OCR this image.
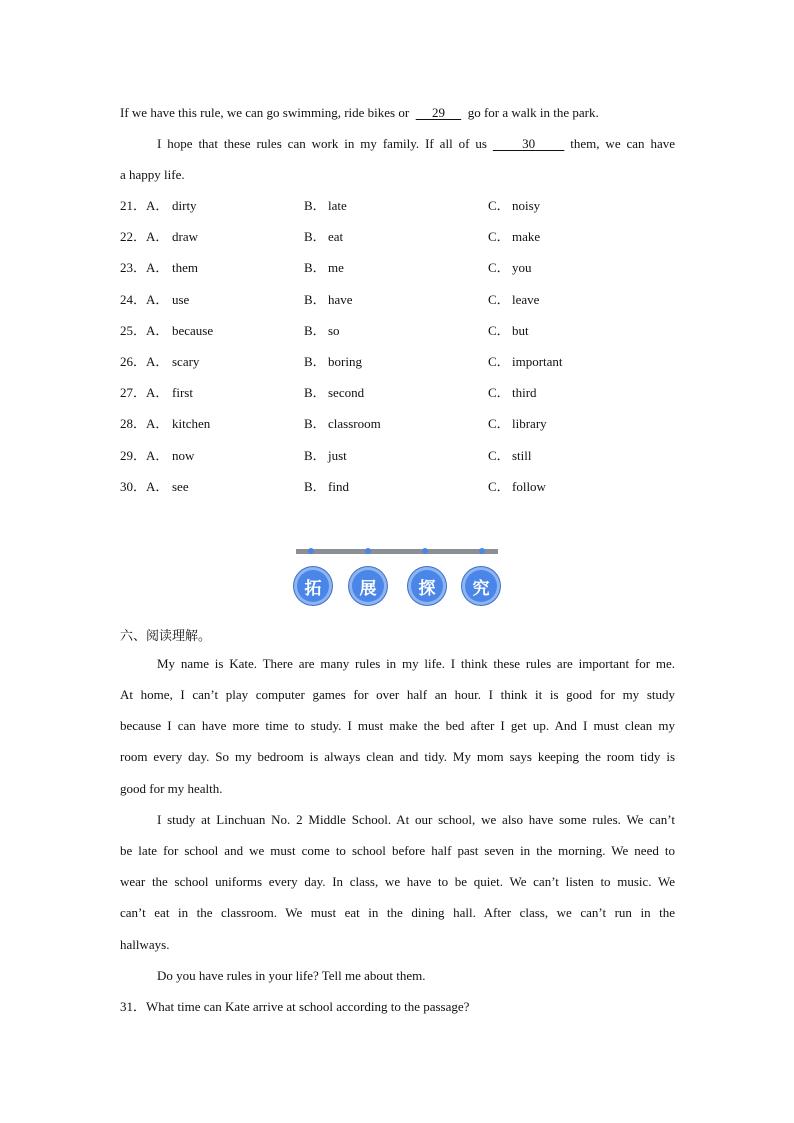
If we have this rule, we can go swimming, ride bikes or 29 go for a walk in the park.
I hope that these rules can work in my family. If all of us	30	them, we can have
a happy life.
21．A． dirty	B． late	C． noisy
22．A． draw	B． eat	C． make
23．A． them	B． me	C． you
24．A． use	B． have	C． leave
25．A． because	B． so	C． but
26．A． scary	B． boring	C． important
27．A． first	B． second	C． third
28．A． kitchen	B． classroom	C． library
29．A． now	B． just	C． still
30．A． see	B． find	C． follow
拓	展	探	究
六、阅读理解。
My name is Kate. There are many rules in my life. I think these rules are important for me.
At home, I can’t play computer games for over half an hour. I think it is good for my study
because I can have more time to study. I must make the bed after I get up. And I must clean my
room every day. So my bedroom is always clean and tidy. My mom says keeping the room tidy is
good for my health.
I study at Linchuan No. 2 Middle School. At our school, we also have some rules. We can’t
be late for school and we must come to school before half past seven in the morning. We need to
wear the school uniforms every day. In class, we have to be quiet. We can’t listen to music. We
can’t eat in the classroom. We must eat in the dining hall. After class, we can’t run in the
hallways.
Do you have rules in your life? Tell me about them.
31．What time can Kate arrive at school according to the passage?
